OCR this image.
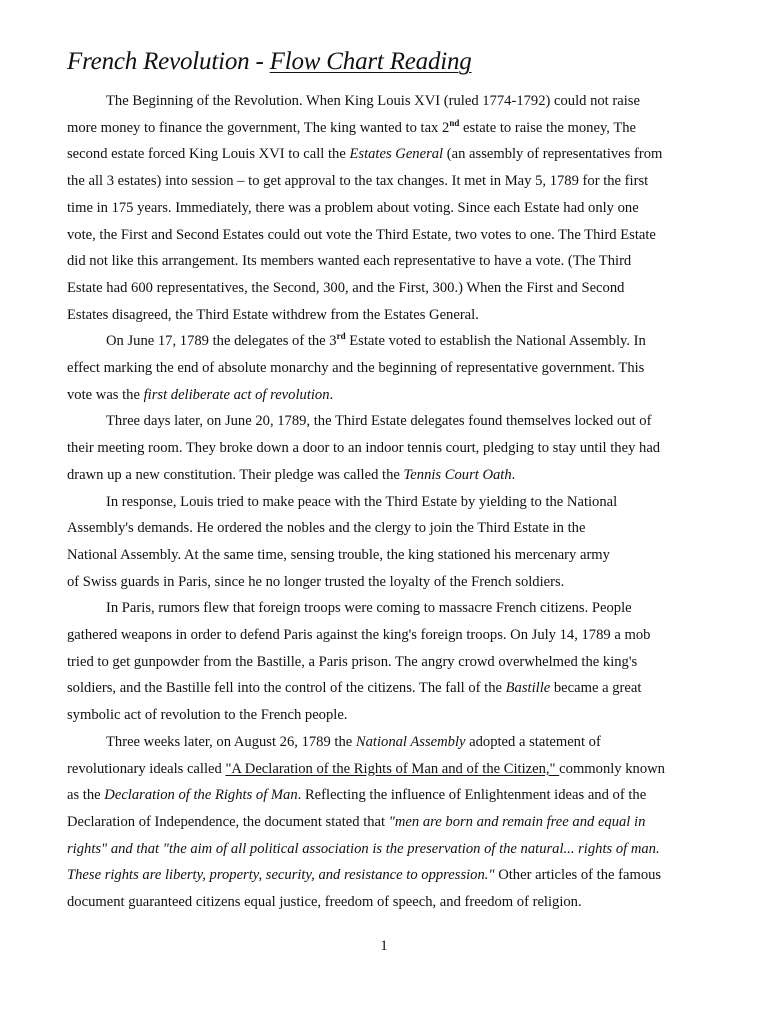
French Revolution - Flow Chart Reading
The Beginning of the Revolution. When King Louis XVI (ruled 1774-1792) could not raise
more money to finance the government, The king wanted to tax 2nd estate to raise the money, The
second estate forced King Louis XVI to call the Estates General (an assembly of representatives from
the all 3 estates) into session – to get approval to the tax changes. It met in May 5, 1789 for the first
time in 175 years. Immediately, there was a problem about voting. Since each Estate had only one
vote, the First and Second Estates could out vote the Third Estate, two votes to one. The Third Estate
did not like this arrangement. Its members wanted each representative to have a vote. (The Third
Estate had 600 representatives, the Second, 300, and the First, 300.) When the First and Second
Estates disagreed, the Third Estate withdrew from the Estates General.
On June 17, 1789 the delegates of the 3rd Estate voted to establish the National Assembly. In
effect marking the end of absolute monarchy and the beginning of representative government. This
vote was the first deliberate act of revolution.
Three days later, on June 20, 1789, the Third Estate delegates found themselves locked out of
their meeting room. They broke down a door to an indoor tennis court, pledging to stay until they had
drawn up a new constitution. Their pledge was called the Tennis Court Oath.
In response, Louis tried to make peace with the Third Estate by yielding to the National
Assembly's demands. He ordered the nobles and the clergy to join the Third Estate in the
National Assembly. At the same time, sensing trouble, the king stationed his mercenary army
of Swiss guards in Paris, since he no longer trusted the loyalty of the French soldiers.
In Paris, rumors flew that foreign troops were coming to massacre French citizens. People
gathered weapons in order to defend Paris against the king's foreign troops. On July 14, 1789 a mob
tried to get gunpowder from the Bastille, a Paris prison. The angry crowd overwhelmed the king's
soldiers, and the Bastille fell into the control of the citizens. The fall of the Bastille became a great
symbolic act of revolution to the French people.
Three weeks later, on August 26, 1789 the National Assembly adopted a statement of
revolutionary ideals called "A Declaration of the Rights of Man and of the Citizen," commonly known
as the Declaration of the Rights of Man. Reflecting the influence of Enlightenment ideas and of the
Declaration of Independence, the document stated that "men are born and remain free and equal in
rights" and that "the aim of all political association is the preservation of the natural... rights of man.
These rights are liberty, property, security, and resistance to oppression." Other articles of the famous
document guaranteed citizens equal justice, freedom of speech, and freedom of religion.
1
